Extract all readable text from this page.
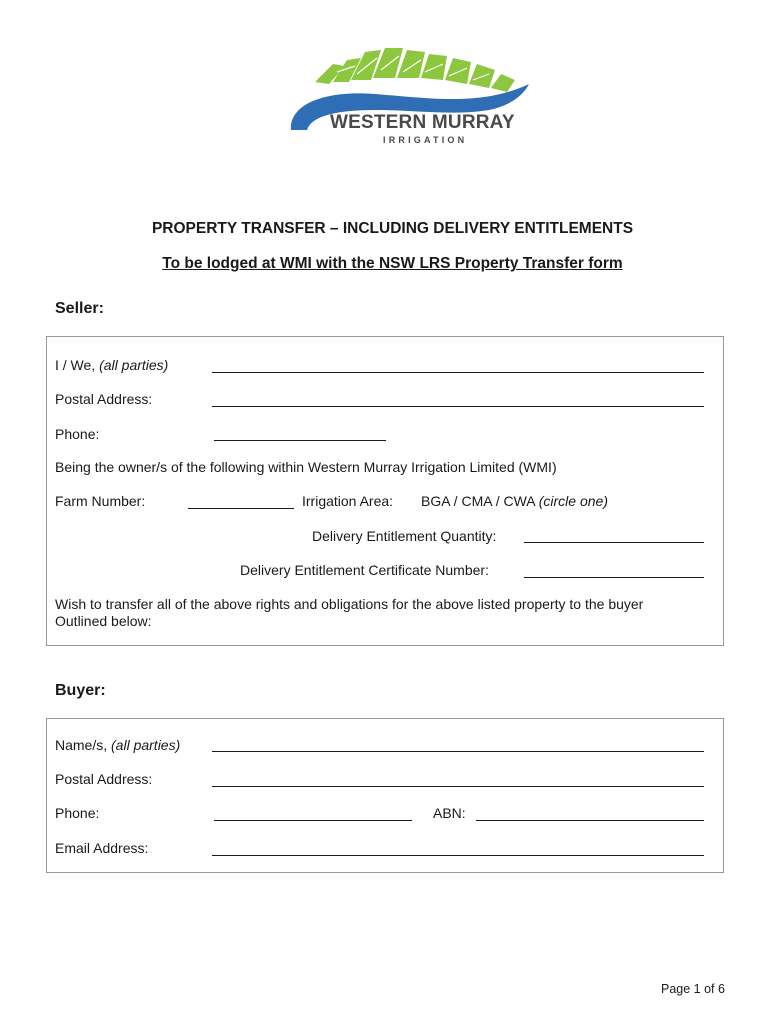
WESTERN MURRAY
IRRIGATION
PROPERTY TRANSFER – INCLUDING DELIVERY ENTITLEMENTS
To be lodged at WMI with the NSW LRS Property Transfer form
Seller:
I / We, (all parties)
Postal Address:
Phone:
Being the owner/s of the following within Western Murray Irrigation Limited (WMI)
Farm Number:	Irrigation Area: BGA / CMA / CWA (circle one)
Delivery Entitlement Quantity:
Delivery Entitlement Certificate Number:
Wish to transfer all of the above rights and obligations for the above listed property to the buyer
Outlined below:
Buyer:
Name/s, (all parties)
Postal Address:
Phone:	ABN:
Email Address:
Page 1 of 6
